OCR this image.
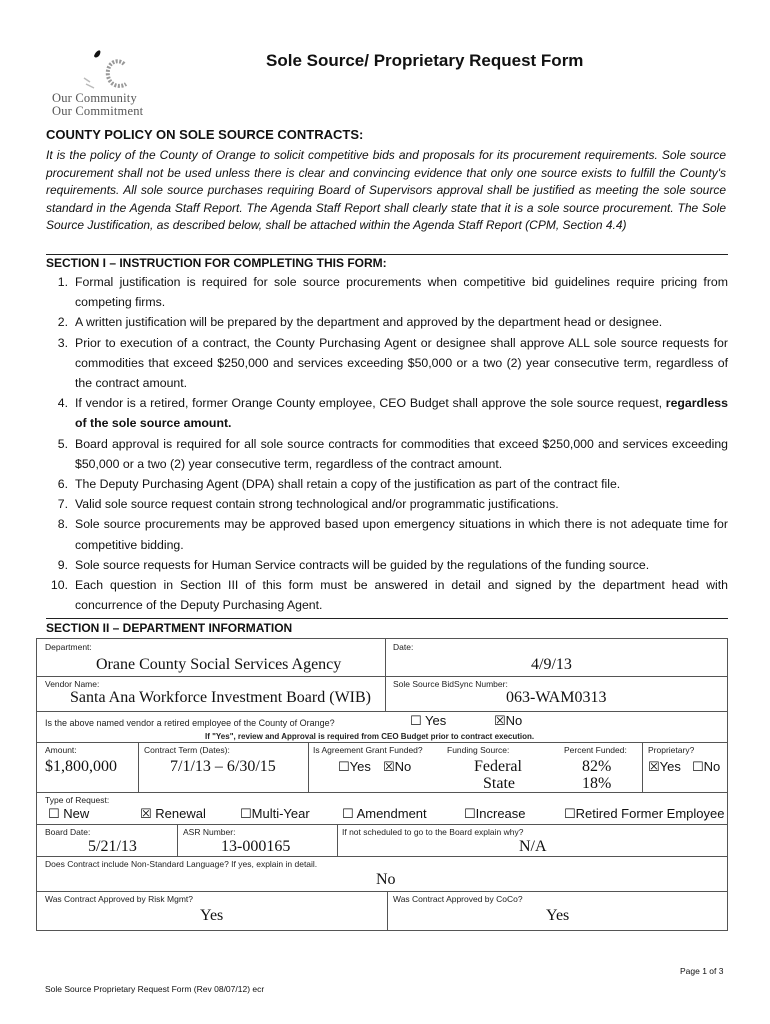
Our Community
Our Commitment
Sole Source/ Proprietary Request Form
COUNTY POLICY ON SOLE SOURCE CONTRACTS:
It is the policy of the County of Orange to solicit competitive bids and proposals for its procurement requirements. Sole source procurement shall not be used unless there is clear and convincing evidence that only one source exists to fulfill the County's requirements. All sole source purchases requiring Board of Supervisors approval shall be justified as meeting the sole source standard in the Agenda Staff Report. The Agenda Staff Report shall clearly state that it is a sole source procurement. The Sole Source Justification, as described below, shall be attached within the Agenda Staff Report (CPM, Section 4.4)
SECTION I – INSTRUCTION FOR COMPLETING THIS FORM:
1. Formal justification is required for sole source procurements when competitive bid guidelines require pricing from competing firms.
2. A written justification will be prepared by the department and approved by the department head or designee.
3. Prior to execution of a contract, the County Purchasing Agent or designee shall approve ALL sole source requests for commodities that exceed $250,000 and services exceeding $50,000 or a two (2) year consecutive term, regardless of the contract amount.
4. If vendor is a retired, former Orange County employee, CEO Budget shall approve the sole source request, regardless of the sole source amount.
5. Board approval is required for all sole source contracts for commodities that exceed $250,000 and services exceeding $50,000 or a two (2) year consecutive term, regardless of the contract amount.
6. The Deputy Purchasing Agent (DPA) shall retain a copy of the justification as part of the contract file.
7. Valid sole source request contain strong technological and/or programmatic justifications.
8. Sole source procurements may be approved based upon emergency situations in which there is not adequate time for competitive bidding.
9. Sole source requests for Human Service contracts will be guided by the regulations of the funding source.
10. Each question in Section III of this form must be answered in detail and signed by the department head with concurrence of the Deputy Purchasing Agent.
SECTION II – DEPARTMENT INFORMATION
Department:
Orane County Social Services Agency
Date:
4/9/13
Vendor Name:
Santa Ana Workforce Investment Board (WIB)
Sole Source BidSync Number:
063-WAM0313
Is the above named vendor a retired employee of the County of Orange?	☐ Yes	☒No
If "Yes", review and Approval is required from CEO Budget prior to contract execution.
Amount:
$1,800,000
Contract Term (Dates):
7/1/13 – 6/30/15
Is Agreement Grant Funded?
☐Yes ☒No
Funding Source:
Federal
State
Percent Funded:
82%
18%
Proprietary?
☒Yes ☐No
Type of Request:
☐ New	☒ Renewal	☐Multi-Year ☐ Amendment	☐Increase	☐Retired Former Employee
Board Date:
5/21/13
ASR Number:
13-000165
If not scheduled to go to the Board explain why?
N/A
Does Contract include Non-Standard Language? If yes, explain in detail.
No
Was Contract Approved by Risk Mgmt?
Yes
Was Contract Approved by CoCo?
Yes
Page 1 of 3
Sole Source Proprietary Request Form (Rev 08/07/12) ecr
